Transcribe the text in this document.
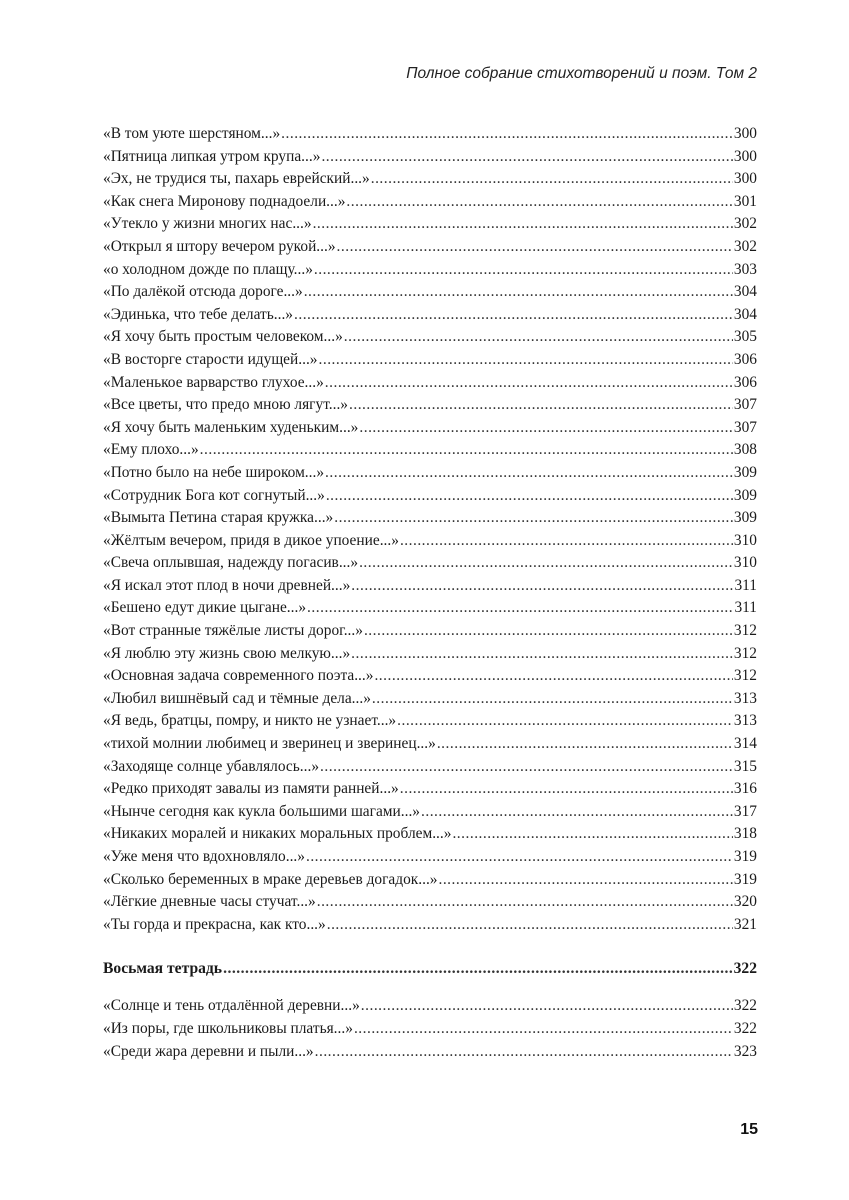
Полное собрание стихотворений и поэм. Том 2
«В том уюте шерстяном...» .....	300
«Пятница липкая утром крупа...» .....	300
«Эх, не трудися ты, пахарь еврейский...» .....	300
«Как снега Миронову поднадоели...» .....	301
«Утекло у жизни многих нас...» .....	302
«Открыл я штору вечером рукой...» .....	302
«о холодном дожде по плащу...» .....	303
«По далёкой отсюда дороге...» .....	304
«Эдинька, что тебе делать...» .....	304
«Я хочу быть простым человеком...» .....	305
«В восторге старости идущей...» .....	306
«Маленькое варварство глухое...» .....	306
«Все цветы, что предо мною лягут...» .....	307
«Я хочу быть маленьким худеньким...» .....	307
«Ему плохо...» .....	308
«Потно было на небе широком...» .....	309
«Сотрудник Бога кот согнутый...» .....	309
«Вымыта Петина старая кружка...» .....	309
«Жёлтым вечером, придя в дикое упоение...» .....	310
«Свеча оплывшая, надежду погасив...» .....	310
«Я искал этот плод в ночи древней...» .....	311
«Бешено едут дикие цыгане...» .....	311
«Вот странные тяжёлые листы дорог...» .....	312
«Я люблю эту жизнь свою мелкую...» .....	312
«Основная задача современного поэта...» .....	312
«Любил вишнёвый сад и тёмные дела...» .....	313
«Я ведь, братцы, помру, и никто не узнает...» .....	313
«тихой молнии любимец и зверинец и зверинец...» .....	314
«Заходяще солнце убавлялось...» .....	315
«Редко приходят завалы из памяти ранней...» .....	316
«Нынче сегодня как кукла большими шагами...» .....	317
«Никаких моралей и никаких моральных проблем...» .....	318
«Уже меня что вдохновляло...» .....	319
«Сколько беременных в мраке деревьев догадок...» .....	319
«Лёгкие дневные часы стучат...» .....	320
«Ты горда и прекрасна, как кто...» .....	321
Восьмая тетрадь .....	322
«Солнце и тень отдалённой деревни...» .....	322
«Из поры, где школьниковы платья...» .....	322
«Среди жара деревни и пыли...» .....	323
15
